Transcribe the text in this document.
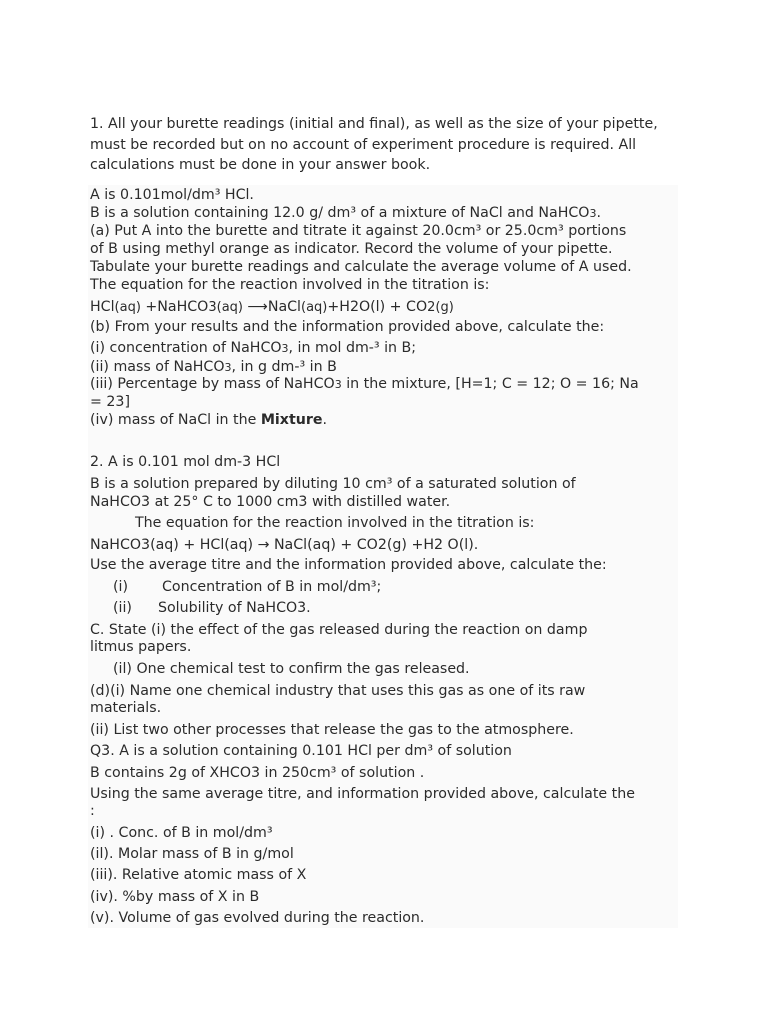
1. All your burette readings (initial and final), as well as the size of your pipette, must be recorded but on no account of experiment procedure is required. All calculations must be done in your answer book.

A is 0.101mol/dm³ HCl.
B is a solution containing 12.0 g/ dm³ of a mixture of NaCl and NaHCO3.
(a) Put A into the burette and titrate it against 20.0cm³ or 25.0cm³ portions
of B using methyl orange as indicator. Record the volume of your pipette.
Tabulate your burette readings and calculate the average volume of A used.
The equation for the reaction involved in the titration is:
HCl(aq) +NaHCO3(aq) ⟶NaCl(aq)+H2O(l) + CO2(g)
(b) From your results and the information provided above, calculate the:
(i) concentration of NaHCO3, in mol dm-³ in B;
(ii) mass of NaHCO3, in g dm-³ in B
(iii) Percentage by mass of NaHCO3 in the mixture, [H=1; C = 12; O = 16; Na
= 23]
(iv) mass of NaCl in the Mixture.
2. A is 0.101 mol dm-3 HCl
B is a solution prepared by diluting 10 cm³ of a saturated solution of
NaHCO3 at 25° C to 1000 cm3 with distilled water.
The equation for the reaction involved in the titration is:
NaHCO3(aq) + HCl(aq) → NaCl(aq) + CO2(g) +H2 O(l).
Use the average titre and the information provided above, calculate the:
(i) Concentration of B in mol/dm³;
(ii) Solubility of NaHCO3.
C. State (i) the effect of the gas released during the reaction on damp
litmus papers.
(il) One chemical test to confirm the gas released.
(d)(i) Name one chemical industry that uses this gas as one of its raw
materials.
(ii) List two other processes that release the gas to the atmosphere.
Q3. A is a solution containing 0.101 HCl per dm³ of solution
B contains 2g of XHCO3 in 250cm³ of solution .
Using the same average titre, and information provided above, calculate the
:
(i) . Conc. of B in mol/dm³
(il). Molar mass of B in g/mol
(iii). Relative atomic mass of X
(iv). %by mass of X in B
(v). Volume of gas evolved during the reaction.
